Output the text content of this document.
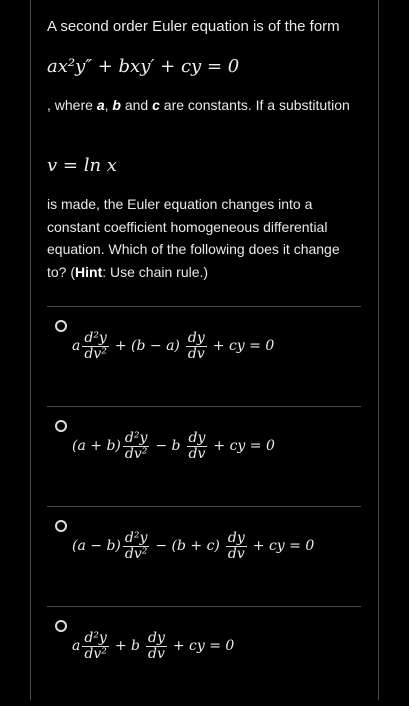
A second order Euler equation is of the form
ax²y″ + bxy′ + cy = 0
, where a, b and c are constants. If a substitution
v = ln x
is made, the Euler equation changes into a constant coefficient homogeneous differential equation. Which of the following does it change to? (Hint: Use chain rule.)
a $\frac{\text{d²y}}{\text{dv²}} + (b - a) \frac{dy}{dv}$ + cy = 0
$(a + b) \frac{\text{d²y}}{\text{dv²}} - b \frac{dy}{dv}$ + cy = 0
$(a - b) \frac{\text{d²y}}{\text{dv²}} - (b + c) \frac{dy}{dv}$ + cy = 0
a $\frac{\text{d²y}}{\text{dv²}} + b \frac{dy}{dv}$ + cy = 0
